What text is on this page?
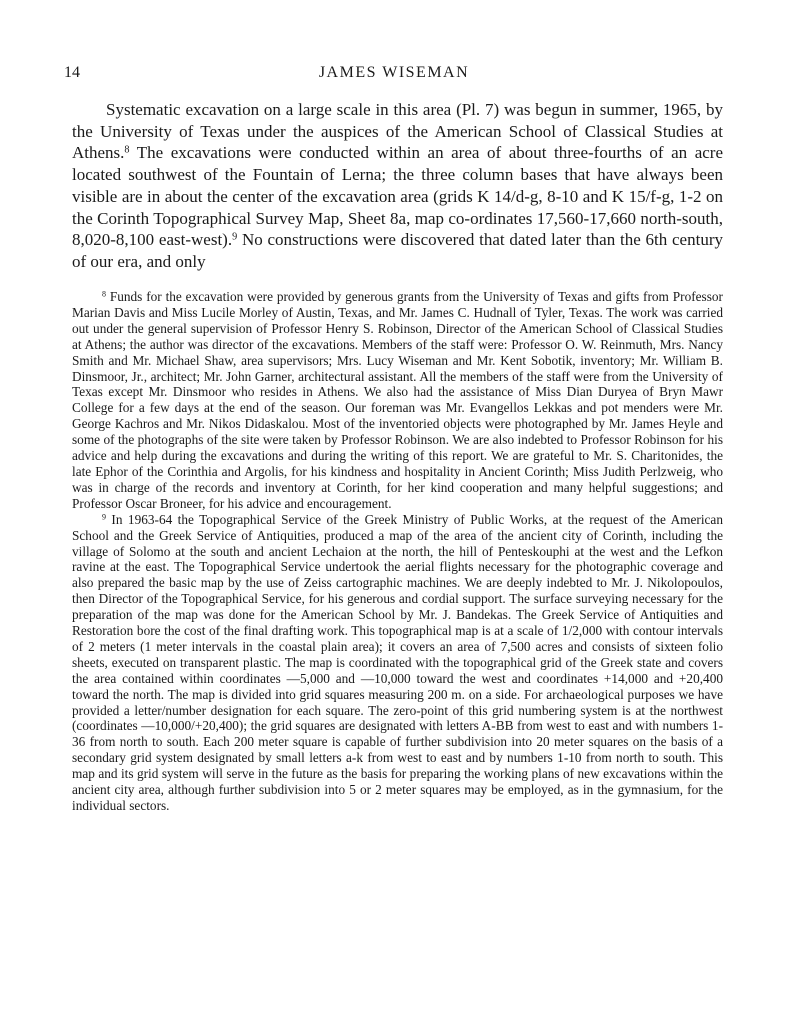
14	JAMES WISEMAN

Systematic excavation on a large scale in this area (Pl. 7) was begun in summer, 1965, by the University of Texas under the auspices of the American School of Classical Studies at Athens.$^8$ The excavations were conducted within an area of about three-fourths of an acre located southwest of the Fountain of Lerna; the three column bases that have always been visible are in about the center of the excavation area (grids K 14/d-g, 8-10 and K 15/f-g, 1-2 on the Corinth Topographical Survey Map, Sheet 8a, map co-ordinates 17,560-17,660 north-south, 8,020-8,100 east-west).$^9$ No constructions were discovered that dated later than the 6th century of our era, and only

$^8$ Funds for the excavation were provided by generous grants from the University of Texas and gifts from Professor Marian Davis and Miss Lucile Morley of Austin, Texas, and Mr. James C. Hudnall of Tyler, Texas. The work was carried out under the general supervision of Professor Henry S. Robinson, Director of the American School of Classical Studies at Athens; the author was director of the excavations. Members of the staff were: Professor O. W. Reinmuth, Mrs. Nancy Smith and Mr. Michael Shaw, area supervisors; Mrs. Lucy Wiseman and Mr. Kent Sobotik, inventory; Mr. William B. Dinsmoor, Jr., architect; Mr. John Garner, architectural assistant. All the members of the staff were from the University of Texas except Mr. Dinsmoor who resides in Athens. We also had the assistance of Miss Dian Duryea of Bryn Mawr College for a few days at the end of the season. Our foreman was Mr. Evangellos Lekkas and pot menders were Mr. George Kachros and Mr. Nikos Didaskalou. Most of the inventoried objects were photographed by Mr. James Heyle and some of the photographs of the site were taken by Professor Robinson. We are also indebted to Professor Robinson for his advice and help during the excavations and during the writing of this report. We are grateful to Mr. S. Charitonides, the late Ephor of the Corinthia and Argolis, for his kindness and hospitality in Ancient Corinth; Miss Judith Perlzweig, who was in charge of the records and inventory at Corinth, for her kind cooperation and many helpful suggestions; and Professor Oscar Broneer, for his advice and encouragement.

$^9$ In 1963-64 the Topographical Service of the Greek Ministry of Public Works, at the request of the American School and the Greek Service of Antiquities, produced a map of the area of the ancient city of Corinth, including the village of Solomo at the south and ancient Lechaion at the north, the hill of Penteskouphi at the west and the Lefkon ravine at the east. The Topographical Service undertook the aerial flights necessary for the photographic coverage and also prepared the basic map by the use of Zeiss cartographic machines. We are deeply indebted to Mr. J. Nikolopoulos, then Director of the Topographical Service, for his generous and cordial support. The surface surveying necessary for the preparation of the map was done for the American School by Mr. J. Bandekas. The Greek Service of Antiquities and Restoration bore the cost of the final drafting work. This topographical map is at a scale of 1/2,000 with contour intervals of 2 meters (1 meter intervals in the coastal plain area); it covers an area of 7,500 acres and consists of sixteen folio sheets, executed on transparent plastic. The map is coordinated with the topographical grid of the Greek state and covers the area contained within coordinates —5,000 and —10,000 toward the west and coordinates +14,000 and +20,400 toward the north. The map is divided into grid squares measuring 200 m. on a side. For archaeological purposes we have provided a letter/number designation for each square. The zero-point of this grid numbering system is at the northwest (coordinates —10,000/+20,400); the grid squares are designated with letters A-BB from west to east and with numbers 1-36 from north to south. Each 200 meter square is capable of further subdivision into 20 meter squares on the basis of a secondary grid system designated by small letters a-k from west to east and by numbers 1-10 from north to south. This map and its grid system will serve in the future as the basis for preparing the working plans of new excavations within the ancient city area, although further subdivision into 5 or 2 meter squares may be employed, as in the gymnasium, for the individual sectors.
